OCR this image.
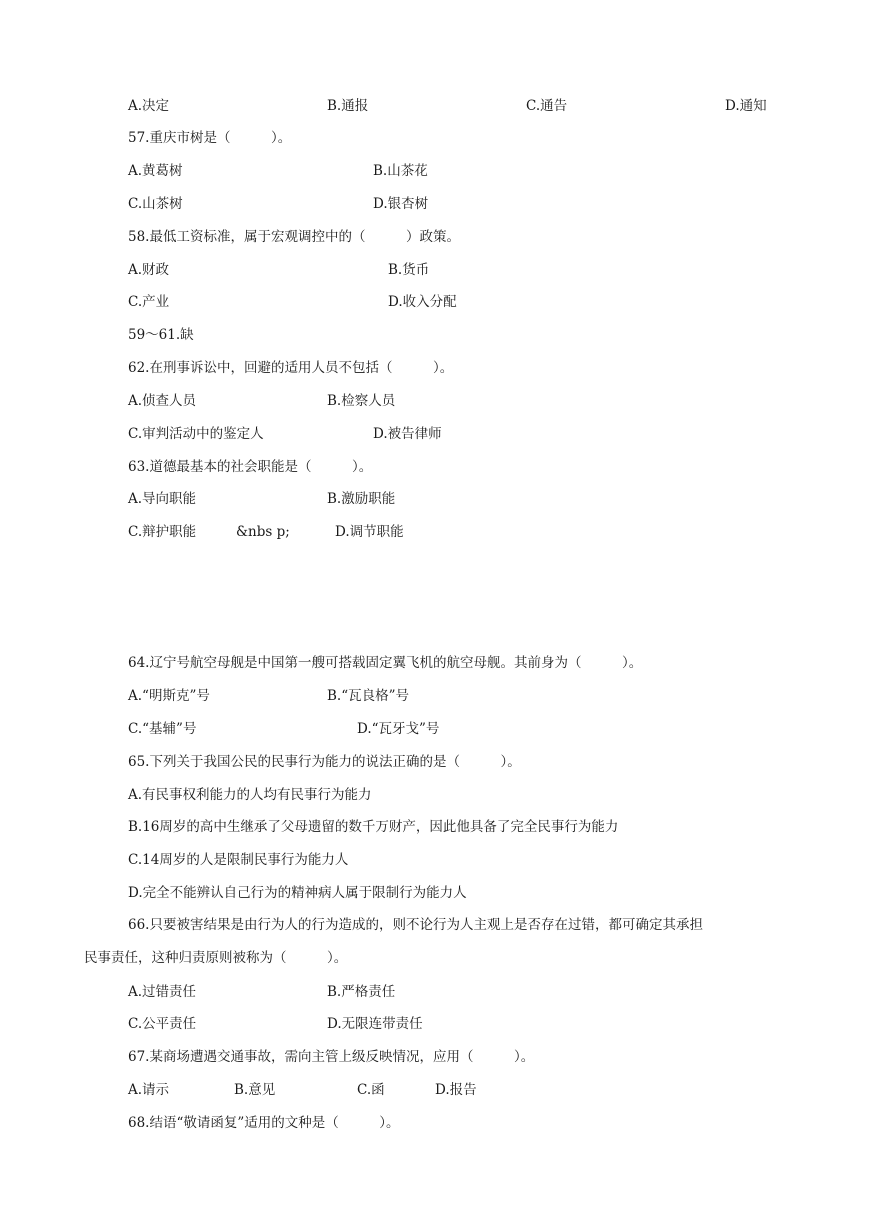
A.决定	B.通报	C.通告	D.通知
57.重庆市树是（　　　）。
A.黄葛树	B.山茶花
C.山茶树	D.银杏树
58.最低工资标准，属于宏观调控中的（　　　）政策。
A.财政	B.货币
C.产业	D.收入分配
59～61.缺
62.在刑事诉讼中，回避的适用人员不包括（　　　）。
A.侦查人员	B.检察人员
C.审判活动中的鉴定人	D.被告律师
63.道德最基本的社会职能是（　　　）。
A.导向职能	B.激励职能
C.辩护职能	&nbs p;	D.调节职能
64.辽宁号航空母舰是中国第一艘可搭载固定翼飞机的航空母舰。其前身为（　　　）。
A.“明斯克”号	B.“瓦良格”号
C.“基辅”号	D.“瓦牙戈”号
65.下列关于我国公民的民事行为能力的说法正确的是（　　　）。
A.有民事权利能力的人均有民事行为能力
B.16周岁的高中生继承了父母遗留的数千万财产，因此他具备了完全民事行为能力
C.14周岁的人是限制民事行为能力人
D.完全不能辨认自己行为的精神病人属于限制行为能力人
66.只要被害结果是由行为人的行为造成的，则不论行为人主观上是否存在过错，都可确定其承担
民事责任，这种归责原则被称为（　　　）。
A.过错责任	B.严格责任
C.公平责任	D.无限连带责任
67.某商场遭遇交通事故，需向主管上级反映情况，应用（　　　）。
A.请示	B.意见	C.函	D.报告
68.结语“敬请函复”适用的文种是（　　　）。
